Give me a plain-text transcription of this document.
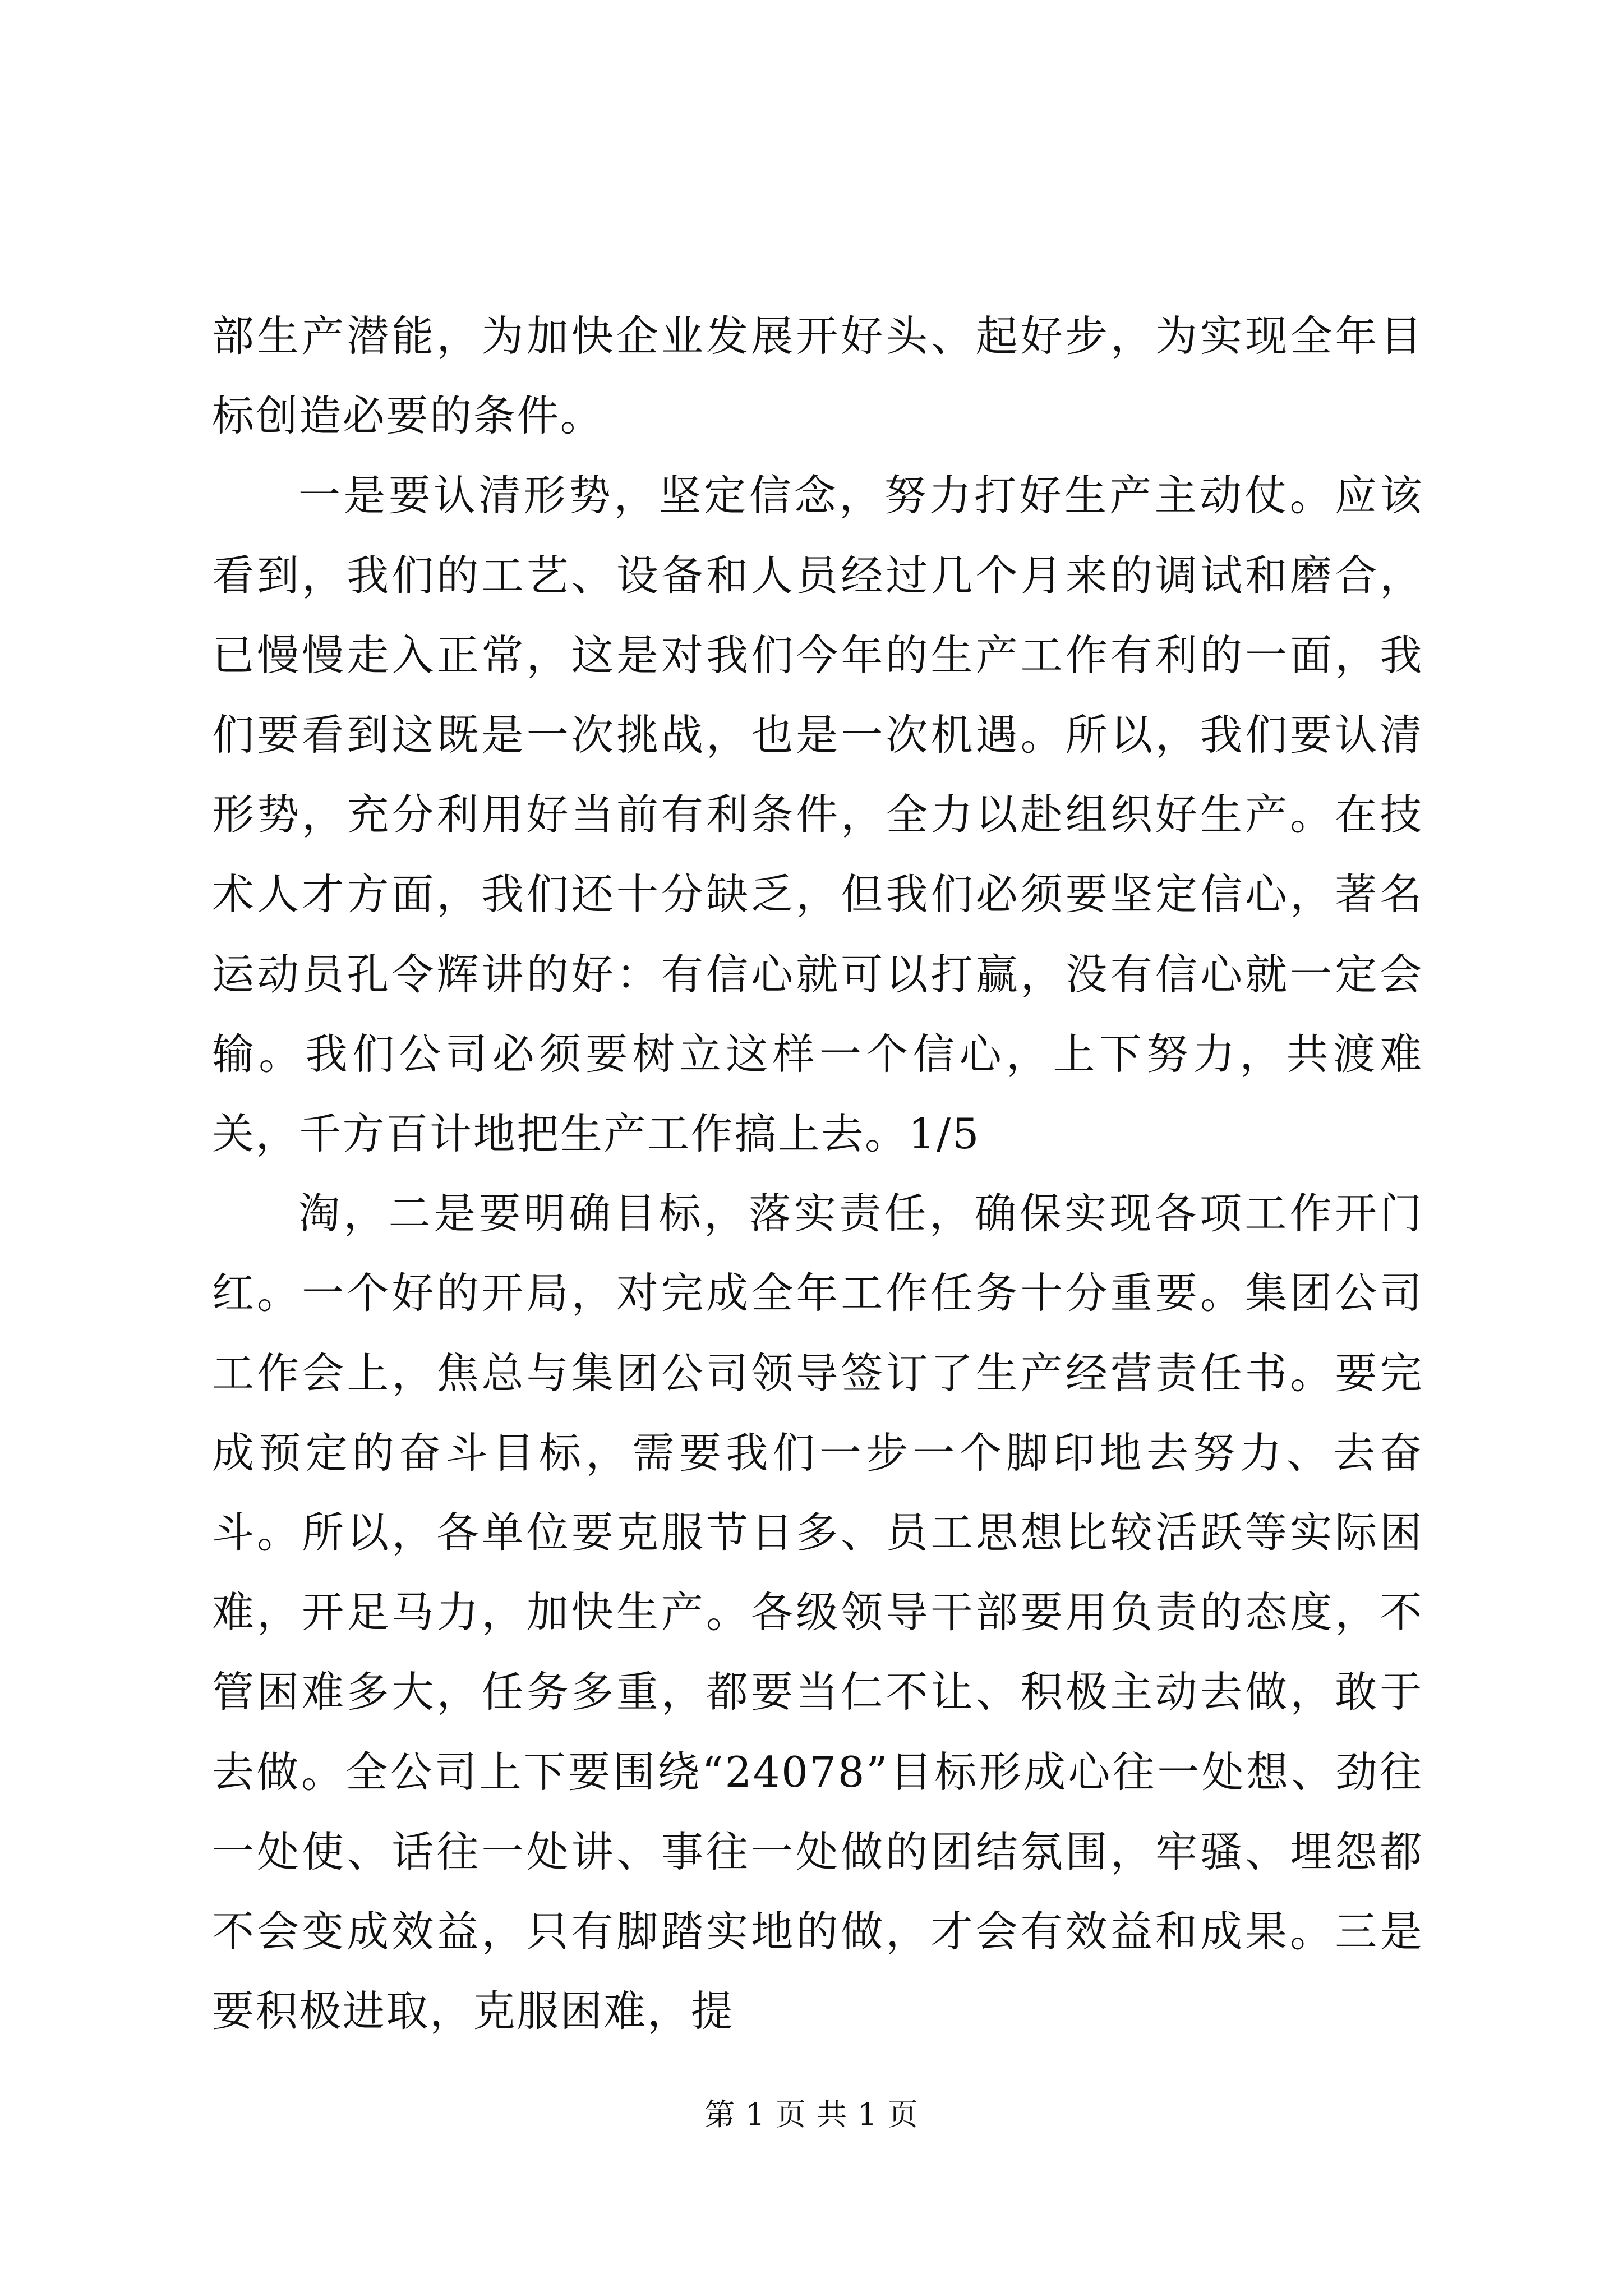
部生产潜能，为加快企业发展开好头、起好步，为实现全年目标创造必要的条件。

一是要认清形势，坚定信念，努力打好生产主动仗。应该看到，我们的工艺、设备和人员经过几个月来的调试和磨合，已慢慢走入正常，这是对我们今年的生产工作有利的一面，我们要看到这既是一次挑战，也是一次机遇。所以，我们要认清形势，充分利用好当前有利条件，全力以赴组织好生产。在技术人才方面，我们还十分缺乏，但我们必须要坚定信心，著名运动员孔令辉讲的好：有信心就可以打赢，没有信心就一定会输。我们公司必须要树立这样一个信心，上下努力，共渡难关，千方百计地把生产工作搞上去。1/5

淘，二是要明确目标，落实责任，确保实现各项工作开门红。一个好的开局，对完成全年工作任务十分重要。集团公司工作会上，焦总与集团公司领导签订了生产经营责任书。要完成预定的奋斗目标，需要我们一步一个脚印地去努力、去奋斗。所以，各单位要克服节日多、员工思想比较活跃等实际困难，开足马力，加快生产。各级领导干部要用负责的态度，不管困难多大，任务多重，都要当仁不让、积极主动去做，敢于去做。全公司上下要围绕“24078”目标形成心往一处想、劲往一处使、话往一处讲、事往一处做的团结氛围，牢骚、埋怨都不会变成效益，只有脚踏实地的做，才会有效益和成果。三是要积极进取，克服困难，提

第 1 页 共 1 页
